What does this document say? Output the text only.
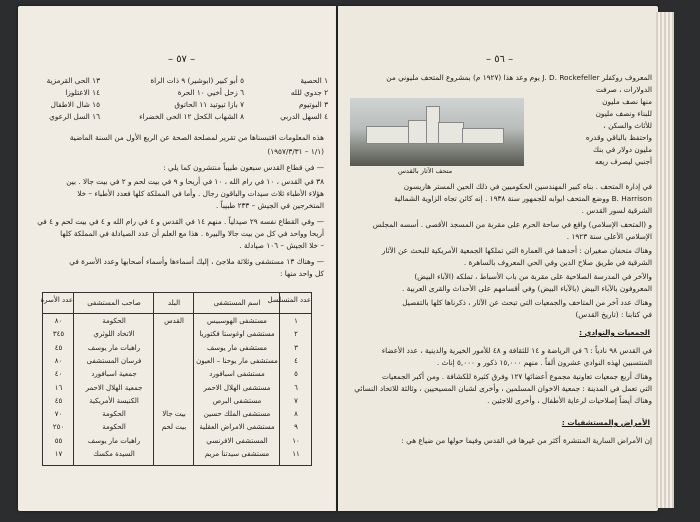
– ٥٧ –
١ الحصية
٢ جدوي للله
٣ البوتيوم
٤ السهل الدربي
٥ أبو كبير (ابوشير) ٩ ذات الراة
٦ زحل أخيي ١٠ الحرة
٧ بازا تيوتيد ١١ الحاتوق
٨ الشهاب الكحل ١٢ الحى الخضراء
١٣ الحى القرمزية
١٤ الاعتلوزا
١٥ شال الاطفال
١٦ السل الرعوي
هذه المعلومات اقتبسناها من تقرير لمصلحة الصحة عن الربع الأول من السنة الماضية
(١/١ – ١٩٥٧/٣/٣١)
— في قطاع القدس سبعون طبيباً منتشرون كما يلي :
٣٨ في القدس ، ١٠ في رام الله ، ١٠ في أريحا و ٩ في بيت لحم و ٢ في بيت جالا . بين
هؤلاء الأطباء ثلاث سيدات والباقون رجال . وأما في المملكة كلها فعدد الأطباء – خلا
المتخرجين في الجيش – ٢٣٣ طبيباً .
— وفي القطاع نفسه ٢٩ صيدلياً . منهم ١٤ في القدس و ٤ في رام الله و ٤ في بيت لحم و ٤ في
أريحا وواحد في كل من بيت جالا والبيرة . هذا مع العلم أن عدد الصيادلة في المملكة كلها
– خلا الجيش – ١٠٦ صيادلة .
— وهناك ١٣ مستشفى وثلاثة ملاجئ ، إليك أسماءها وأسماء أصحابها وعدد الأسرة في
كل واحد منها :
عدد المتسلسل
اسم المستشفى
البلد
صاحب المستشفى
عدد الأسرة
١
مستشفى الهوسبيس
القدس
الحكومة
٨٠
٢
مستشفى اوغوستا فكتوريا
الاتحاد اللوثري
٣٤٥
٣
مستشفى مار يوسف
راهبات مار يوسف
٤٥
٤
مستشفى مار يوحنا – العيون
فرسان المستشفى
٨٠
٥
مستشفى اسبافورد
جمعية اسبافورد
٤٠
٦
مستشفى الهلال الاحمر
جمعية الهلال الاحمر
١٦
٧
مستشفى البرص
الكنيسة الأمريكية
٤٥
٨
مستشفى الملك حسين
بيت جالا
الحكومة
٧٠
٩
مستشفى الامراض العقلية
بيت لحم
الحكومة
٢٥٠
١٠
المستشفى الافرنسي
راهبات مار يوسف
٥٥
١١
مستشفى سيدتنا مريم
السيدة مكسك
١٧
– ٥٦ –
المعروف روكفلر J. D. Rockefeller يوم وعد هذا (١٩٢٧ م) بمشروع المتحف مليوني من
الدولارات ، صرفت
منها نصف مليون
للبناء ونصف مليون
للأثاث والسكن ،
واحتفظ بالباقي وقدره
مليون دولار في بنك
أجنبي ليصرف ريعه
متحف الآثار بالقدس
في إدارة المتحف . بناه كبير المهندسين الحكوميين في ذلك الحين المستر هاريسون
B. Harrison ووضع المتحف ابوابه للجمهور سنة ١٩٣٨ . إنه كائن تجاه الزاوية الشمالية
الشرقية لسور القدس .
و (المتحف الإسلامي) واقع في ساحة الحرم على مقربة من المسجد الأقصى . أسسه المجلس
الإسلامي الأعلى سنة ١٩٢٣ .
وهناك متحفان صغيران : أحدهما في العمارة التي تملكها الجمعية الأمريكية للبحث عن الآثار
الشرقية في طريق صلاح الدين وفي الحي المعروف بالساهرة .
والآخر في المدرسة الصلاحية على مقربة من باب الأسباط ، تملكه (الآباء البيض)
المعروفون بالآباء البيض (بالآباء البيض) وفي أقسامهم على الأحداث والقرى العربية .
وهناك عدد آخر من المتاحف والجمعيات التي تبحث عن الآثار ، ذكرناها كلها بالتفصيل
في كتابنا : (تاريخ القدس)
الجمعيات والنوادي :
في القدس ٩٨ نادياً : ٦ في الرياضة و ١٤ للثقافة و ٤٨ للأمور الخيرية والدينية ، عدد الأعضاء
المنتسبين لهذه النوادي عشرون ألفاً . منهم ١٥,٠٠٠ ذكور و ٥,٠٠٠ إناث .
وهناك أربع جمعيات تعاونية مجموع أعضائها ١٢٧ وفرق كثيرة للكشافة . ومن أكبر الجمعيات
التي تعمل في المدينة : جمعية الاخوان المسلمين ، وأخرى لشبان المسيحيين ، وثالثة للاتحاد النسائي
وهناك أيضاً إصلاحيات لرعاية الأطفال ، وأخرى للاجئين .
الأمراض والمستشفيات :
إن الأمراض السارية المنتشرة أكثر من غيرها في القدس وفيما حولها من ضياع هي :
